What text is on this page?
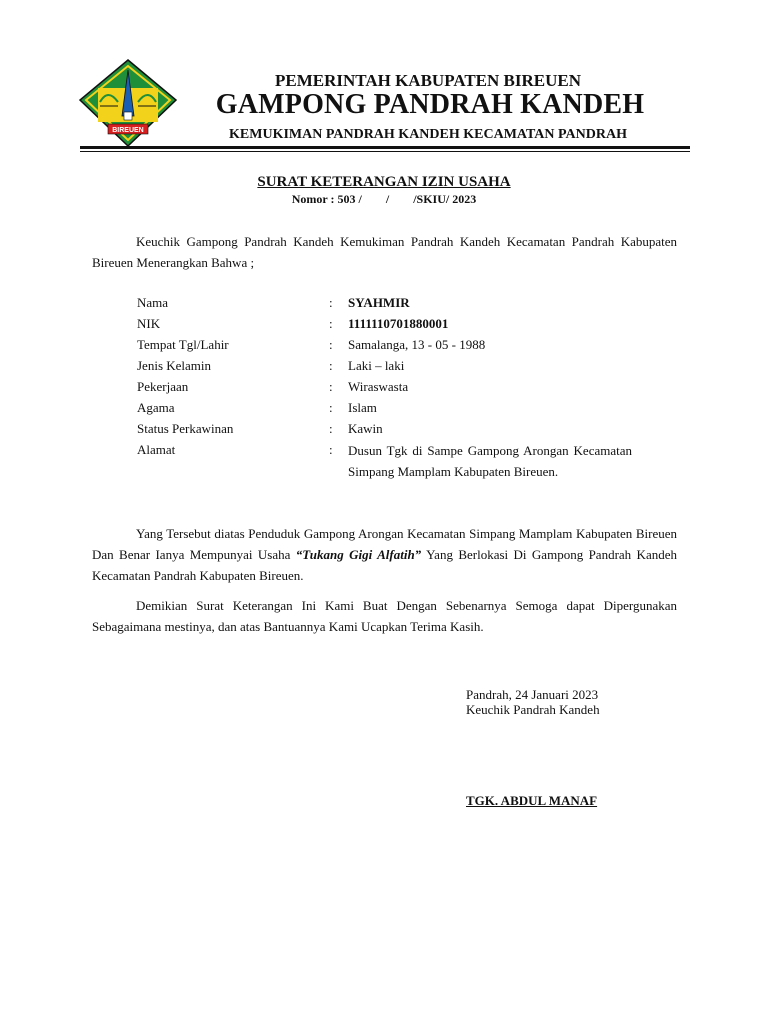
BIREUEN
PEMERINTAH KABUPATEN BIREUEN
GAMPONG PANDRAH KANDEH
KEMUKIMAN PANDRAH KANDEH KECAMATAN PANDRAH
SURAT KETERANGAN IZIN USAHA
Nomor : 503 /        /        /SKIU/ 2023
Keuchik Gampong Pandrah Kandeh Kemukiman Pandrah Kandeh Kecamatan Pandrah Kabupaten Bireuen Menerangkan Bahwa ;
Nama	: SYAHMIR
NIK	: 1111110701880001
Tempat Tgl/Lahir	: Samalanga, 13 - 05 - 1988
Jenis Kelamin	: Laki – laki
Pekerjaan	: Wiraswasta
Agama	: Islam
Status Perkawinan	: Kawin
Alamat	: Dusun Tgk di Sampe Gampong Arongan Kecamatan Simpang Mamplam Kabupaten Bireuen.
Yang Tersebut diatas Penduduk Gampong Arongan Kecamatan Simpang Mamplam Kabupaten Bireuen Dan Benar Ianya Mempunyai Usaha “Tukang Gigi Alfatih” Yang Berlokasi Di Gampong Pandrah Kandeh Kecamatan Pandrah Kabupaten Bireuen.
Demikian Surat Keterangan Ini Kami Buat Dengan Sebenarnya Semoga dapat Dipergunakan Sebagaimana mestinya, dan atas Bantuannya Kami Ucapkan Terima Kasih.
Pandrah, 24 Januari 2023
Keuchik Pandrah Kandeh
TGK. ABDUL MANAF
